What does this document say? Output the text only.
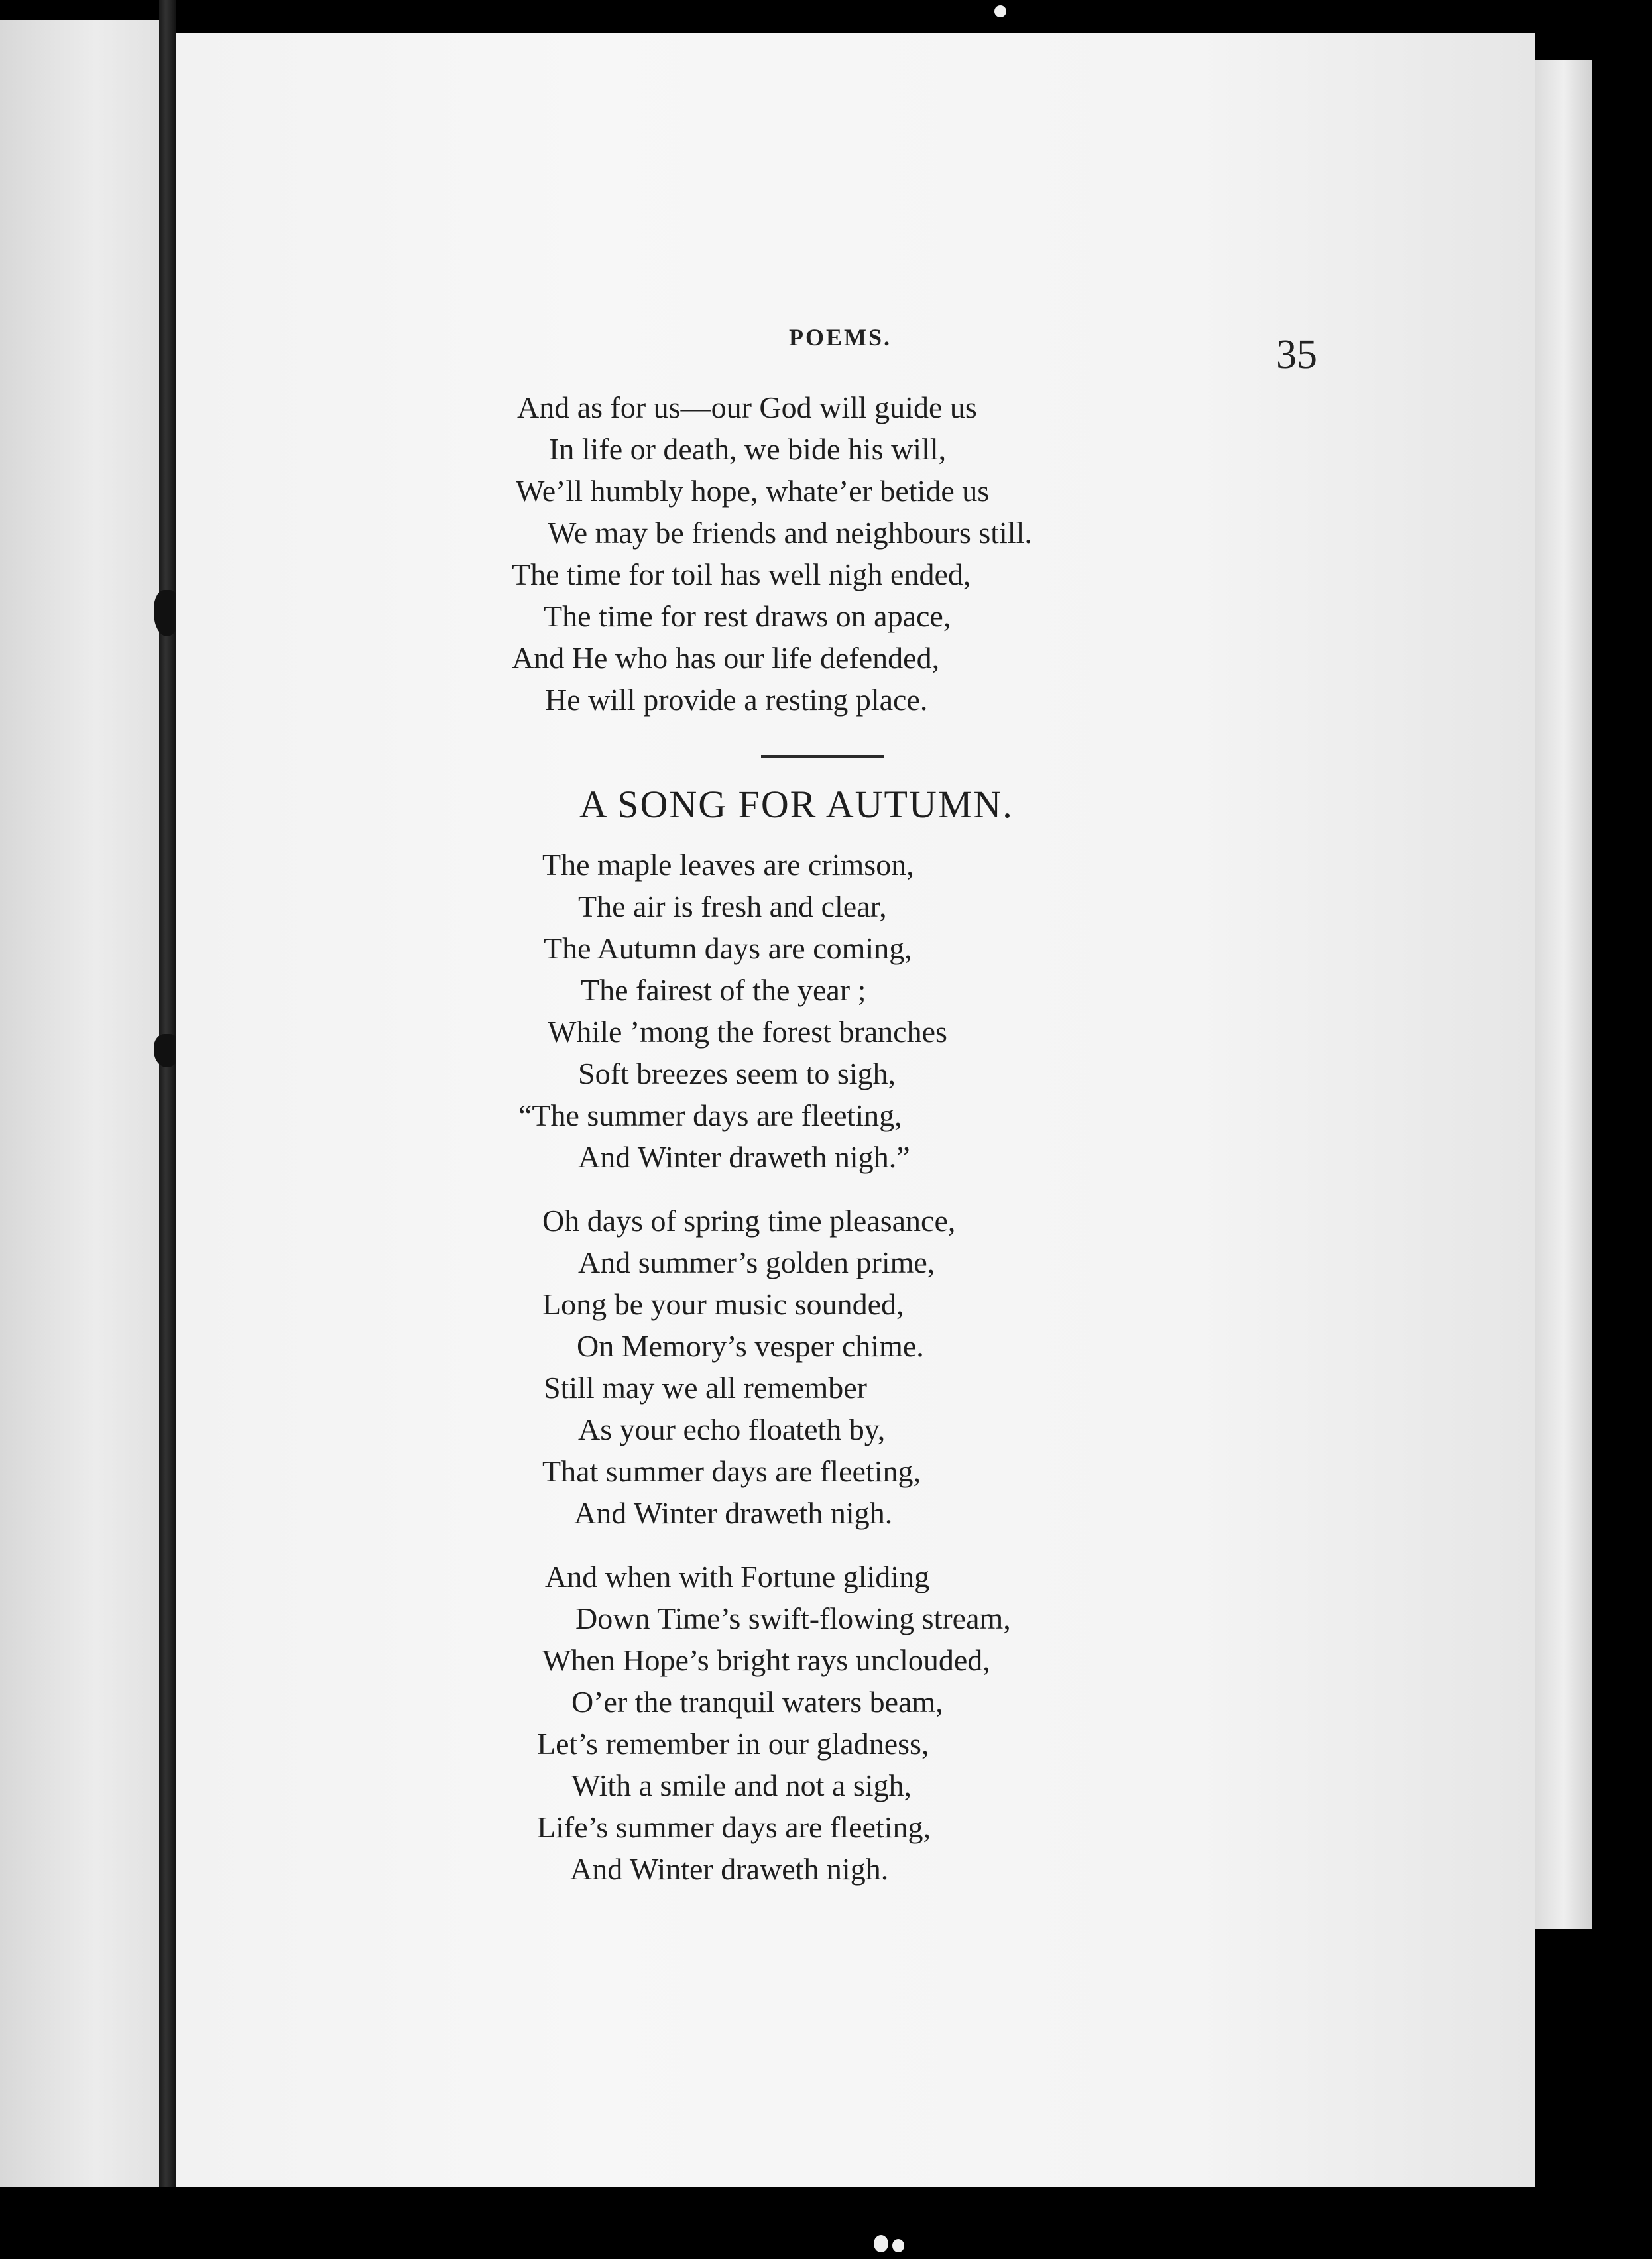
POEMS.	35
And as for us—our God will guide us
In life or death, we bide his will,
We’ll humbly hope, whate’er betide us
We may be friends and neighbours still.
The time for toil has well nigh ended,
The time for rest draws on apace,
And He who has our life defended,
He will provide a resting place.
A SONG FOR AUTUMN.
The maple leaves are crimson,
The air is fresh and clear,
The Autumn days are coming,
The fairest of the year ;
While ’mong the forest branches
Soft breezes seem to sigh,
“The summer days are fleeting,
And Winter draweth nigh.”
Oh days of spring time pleasance,
And summer’s golden prime,
Long be your music sounded,
On Memory’s vesper chime.
Still may we all remember
As your echo floateth by,
That summer days are fleeting,
And Winter draweth nigh.
And when with Fortune gliding
Down Time’s swift-flowing stream,
When Hope’s bright rays unclouded,
O’er the tranquil waters beam,
Let’s remember in our gladness,
With a smile and not a sigh,
Life’s summer days are fleeting,
And Winter draweth nigh.
